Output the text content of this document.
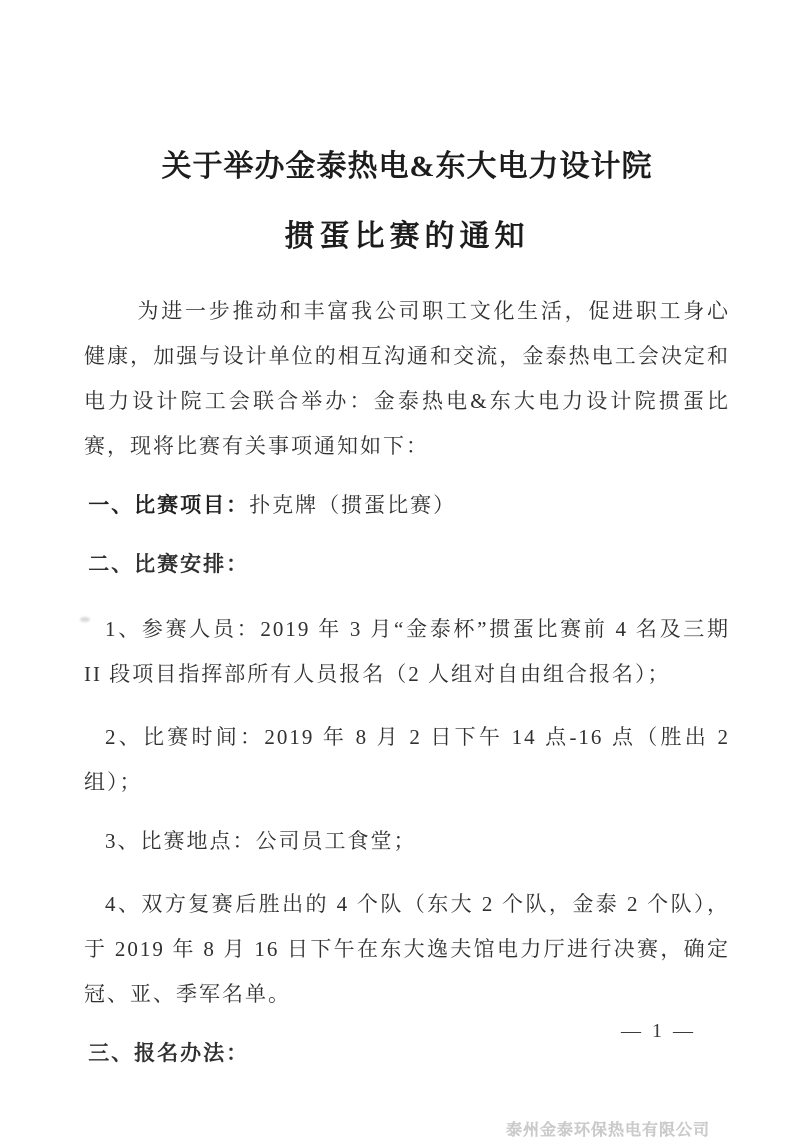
关于举办金泰热电&东大电力设计院
掼蛋比赛的通知

为进一步推动和丰富我公司职工文化生活，促进职工身心健康，加强与设计单位的相互沟通和交流，金泰热电工会决定和电力设计院工会联合举办：金泰热电&东大电力设计院掼蛋比赛，现将比赛有关事项通知如下：

一、比赛项目：扑克牌（掼蛋比赛）

二、比赛安排：

1、参赛人员：2019 年 3 月“金泰杯”掼蛋比赛前 4 名及三期 II 段项目指挥部所有人员报名（2 人组对自由组合报名）；

2、比赛时间：2019 年 8 月 2 日下午 14 点-16 点（胜出 2 组）；

3、比赛地点：公司员工食堂；

4、双方复赛后胜出的 4 个队（东大 2 个队，金泰 2 个队），于 2019 年 8 月 16 日下午在东大逸夫馆电力厅进行决赛，确定冠、亚、季军名单。

三、报名办法：

— 1 —
泰州金泰环保热电有限公司
